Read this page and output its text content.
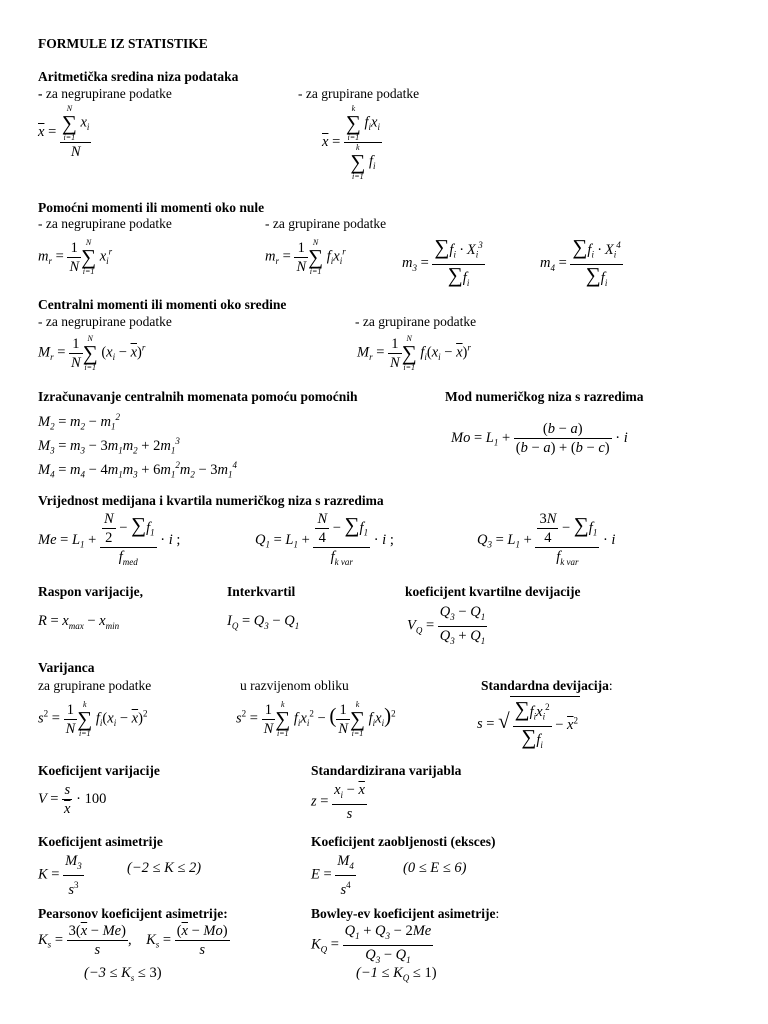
FORMULE IZ STATISTIKE
Aritmetička sredina niza podataka
- za negrupirane podatke	- za grupirane podatke
$\overline{x} = N$
∑
i=1
$x_i$
N	$\overline{x} = k$
∑
i=1
$f_ix_i$
k
∑
i=1
$f_i$
Pomoćni momenti ili momenti oko nule
- za negrupirane podatke	- za grupirane podatke
$m_r = \frac{1}{N}$ N
∑
i=1
$x_i^r$	$m_r = \frac{1}{N}$ N
∑
i=1
$f_ix_i^r$
$m_3 = \frac{\sum f_i \cdot X_i^3}{\sum f_i}$	$m_4 = \frac{\sum f_i \cdot X_i^4}{\sum f_i}$
Centralni momenti ili momenti oko sredine
- za negrupirane podatke	- za grupirane podatke
$M_r = \frac{1}{N}$ N
∑
i=1
$(x_i - \overline{x})^r$	$M_r = \frac{1}{N}$ N
∑
i=1
$f_i(x_i - \overline{x})^r$
Izračunavanje centralnih momenata pomoću pomoćnih	Mod numeričkog niza s razredima
$M_2 = m_2 - m_1^2$
$M_3 = m_3 - 3m_1m_2 + 2m_1^3$
$M_4 = m_4 - 4m_1m_3 + 6m_1^2m_2 - 3m_1^4$
$Mo = L_1 + \frac{(b - a)}{(b - a) + (b - c)} \cdot i$
Vrijednost medijana i kvartila numeričkog niza s razredima
$Me = L_1 + \frac{\frac{N}{2} - \sum f_1}{f_{med}} \cdot i$ ;	$Q_1 = L_1 + \frac{\frac{N}{4} - \sum f_1}{f_{k var}} \cdot i$ ;	$Q_3 = L_1 + \frac{\frac{3N}{4} - \sum f_1}{f_{k var}} \cdot i$
Raspon varijacije,	Interkvartil	koeficijent kvartilne devijacije
$R = x_{max} - x_{min}$	$I_Q = Q_3 - Q_1$	$V_Q = \frac{Q_3 - Q_1}{Q_3 + Q_1}$
Varijanca
za grupirane podatke	u razvijenom obliku	Standardna devijacija:
$s^2 = \frac{1}{N}$ k
∑
i=1
$f_i(x_i - \overline{x})^2$	$s^2 = \frac{1}{N}$ k
∑
i=1
$f_ix_i^2$ − ( $\frac{1}{N}$ k
∑
i=1
$f_ix_i)^2$
s = √ $\frac{\sum f_ix_i^2}{\sum f_i} - \overline{x}^2$
Koeficijent varijacije	Standardizirana varijabla
$V = \frac{s}{x} \cdot 100$	$z = \frac{x_i - \overline{x}}{s}$
Koeficijent asimetrije	Koeficijent zaobljenosti (eksces)
$K = \frac{M_3}{s^3}$	(−2 ≤ K ≤ 2)	$E = \frac{M_4}{s^4}$	(0 ≤ E ≤ 6)
Pearsonov koeficijent asimetrije:	Bowley-ev koeficijent asimetrije:
$K_s = \frac{3(\overline{x} - Me)}{s}$ ,    $K_s = \frac{(\overline{x} - Mo)}{s}$
$(-3 \le K_s \le 3)$
$K_Q = \frac{Q_1 + Q_3 - 2Me}{Q_3 - Q_1}$
$(-1 \le K_Q \le 1)$
